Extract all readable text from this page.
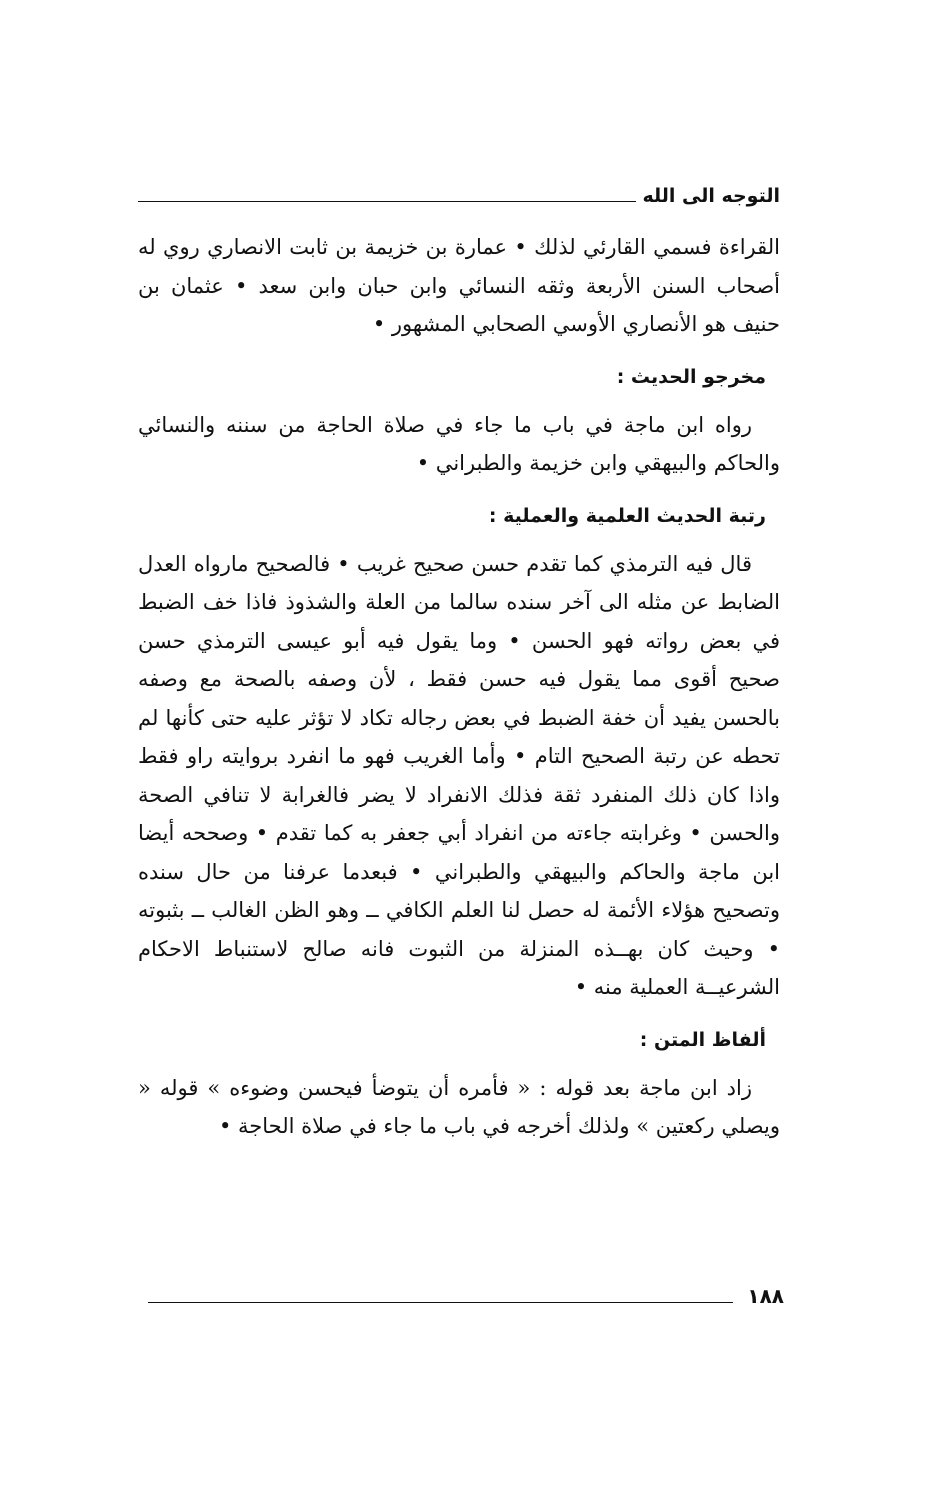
التوجه الى الله

القراءة فسمي القارئي لذلك • عمارة بن خزيمة بن ثابت الانصاري روي له أصحاب السنن الأربعة وثقه النسائي وابن حبان وابن سعد • عثمان بن حنيف هو الأنصاري الأوسي الصحابي المشهور •

مخرجو الحديث :

رواه ابن ماجة في باب ما جاء في صلاة الحاجة من سننه والنسائي والحاكم والبيهقي وابن خزيمة والطبراني •

رتبة الحديث العلمية والعملية :

قال فيه الترمذي كما تقدم حسن صحيح غريب • فالصحيح مارواه العدل الضابط عن مثله الى آخر سنده سالما من العلة والشذوذ فاذا خف الضبط في بعض رواته فهو الحسن • وما يقول فيه أبو عيسى الترمذي حسن صحيح أقوى مما يقول فيه حسن فقط ، لأن وصفه بالصحة مع وصفه بالحسن يفيد أن خفة الضبط في بعض رجاله تكاد لا تؤثر عليه حتى كأنها لم تحطه عن رتبة الصحيح التام • وأما الغريب فهو ما انفرد بروايته راو فقط واذا كان ذلك المنفرد ثقة فذلك الانفراد لا يضر فالغرابة لا تنافي الصحة والحسن • وغرابته جاءته من انفراد أبي جعفر به كما تقدم • وصححه أيضا ابن ماجة والحاكم والبيهقي والطبراني • فبعدما عرفنا من حال سنده وتصحيح هؤلاء الأئمة له حصل لنا العلم الكافي ــ وهو الظن الغالب ــ بثبوته • وحيث كان بهــذه المنزلة من الثبوت فانه صالح لاستنباط الاحكام الشرعيــة العملية منه •

ألفاظ المتن :

زاد ابن ماجة بعد قوله : « فأمره أن يتوضأ فيحسن وضوءه » قوله « ويصلي ركعتين » ولذلك أخرجه في باب ما جاء في صلاة الحاجة •

١٨٨
